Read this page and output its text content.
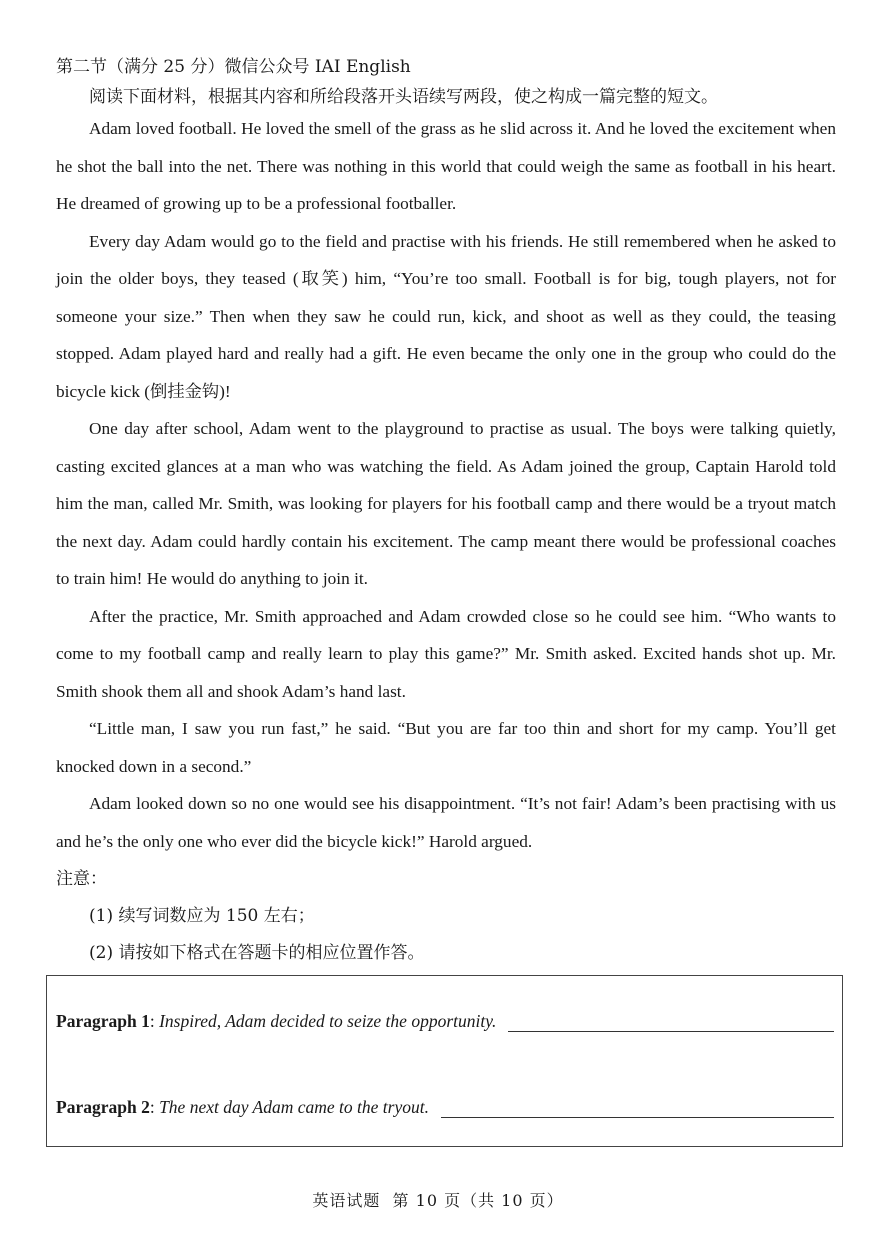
第二节（满分 25 分）微信公众号 IAI English
阅读下面材料，根据其内容和所给段落开头语续写两段，使之构成一篇完整的短文。

Adam loved football. He loved the smell of the grass as he slid across it. And he loved the excitement when he shot the ball into the net. There was nothing in this world that could weigh the same as football in his heart. He dreamed of growing up to be a professional footballer.

Every day Adam would go to the field and practise with his friends. He still remembered when he asked to join the older boys, they teased (取笑) him, “You’re too small. Football is for big, tough players, not for someone your size.” Then when they saw he could run, kick, and shoot as well as they could, the teasing stopped. Adam played hard and really had a gift. He even became the only one in the group who could do the bicycle kick (倒挂金钩)!

One day after school, Adam went to the playground to practise as usual. The boys were talking quietly, casting excited glances at a man who was watching the field. As Adam joined the group, Captain Harold told him the man, called Mr. Smith, was looking for players for his football camp and there would be a tryout match the next day. Adam could hardly contain his excitement. The camp meant there would be professional coaches to train him! He would do anything to join it.

After the practice, Mr. Smith approached and Adam crowded close so he could see him. “Who wants to come to my football camp and really learn to play this game?” Mr. Smith asked. Excited hands shot up. Mr. Smith shook them all and shook Adam’s hand last.

“Little man, I saw you run fast,” he said. “But you are far too thin and short for my camp. You’ll get knocked down in a second.”

Adam looked down so no one would see his disappointment. “It’s not fair! Adam’s been practising with us and he’s the only one who ever did the bicycle kick!” Harold argued.

注意：
(1) 续写词数应为 150 左右；
(2) 请按如下格式在答题卡的相应位置作答。
Paragraph 1 : Inspired, Adam decided to seize the opportunity.
Paragraph 2 : The next day Adam came to the tryout.
英语试题  第 10 页（共 10 页）
